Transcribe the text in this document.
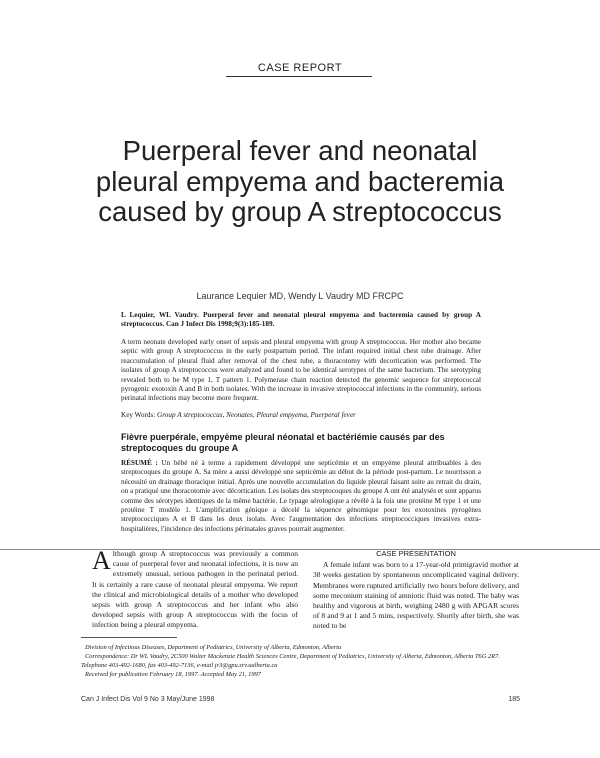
CASE REPORT
Puerperal fever and neonatal pleural empyema and bacteremia caused by group A streptococcus
Laurance Lequier MD, Wendy L Vaudry MD FRCPC
L Lequier, WL Vaudry. Puerperal fever and neonatal pleural empyema and bacteremia caused by group A streptococcus. Can J Infect Dis 1998;9(3):185-189.
A term neonate developed early onset of sepsis and pleural empyema with group A streptococcus. Her mother also became septic with group A streptococcus in the early postpartum period. The infant required initial chest tube drainage. After reaccumulation of pleural fluid after removal of the chest tube, a thoracotomy with decortication was performed. The isolates of group A streptococcus were analyzed and found to be identical serotypes of the same bacterium. The serotyping revealed both to be M type 1, T pattern 1. Polymerase chain reaction detected the genomic sequence for streptococcal pyrogenic exotoxin A and B in both isolates. With the increase in invasive streptococcal infections in the community, serious perinatal infections may become more frequent.
Key Words: Group A streptococcus, Neonates, Pleural empyema, Puerperal fever
Fièvre puerpérale, empyème pleural néonatal et bactériémie causés par des streptocoques du groupe A
RÉSUMÉ : Un bébé né à terme a rapidement développé une septicémie et un empyème pleural attribuables à des streptocoques du groupe A. Sa mère a aussi développé une septicémie au début de la période post-partum. Le nourrisson a nécessité un drainage thoracique initial. Après une nouvelle accumulation du liquide pleural faisant suite au retrait du drain, on a pratiqué une thoracotomie avec décortication. Les isolats des streptocoques du groupe A ont été analysés et sont apparus comme des sérotypes identiques de la même bactérie. Le typage sérologique a révélé à la fois une protéine M type 1 et une protéine T modèle 1. L'amplification génique a décelé la séquence génomique pour les exotoxines pyrogènes streptococciques A et B dans les deux isolats. Avec l'augmentation des infections streptococciques invasives extra-hospitalières, l'incidence des infections périnatales graves pourrait augmenter.
Although group A streptococcus was previously a common cause of puerperal fever and neonatal infections, it is now an extremely unusual, serious pathogen in the perinatal period. It is certainly a rare cause of neonatal pleural empyema. We report the clinical and microbiological details of a mother who developed sepsis with group A streptococcus and her infant who also developed sepsis with group A streptococcus with the focus of infection being a pleural empyema.
CASE PRESENTATION
A female infant was born to a 17-year-old primigravid mother at 38 weeks gestation by spontaneous uncomplicated vaginal delivery. Membranes were ruptured artificially two hours before delivery, and some meconium staining of amniotic fluid was noted. The baby was healthy and vigorous at birth, weighing 2480 g with APGAR scores of 8 and 9 at 1 and 5 mins, respectively. Shortly after birth, she was noted to be
Division of Infectious Diseases, Department of Pediatrics, University of Alberta, Edmonton, Alberta
Correspondence: Dr WL Vaudry, 2C500 Walter Mackenzie Health Sciences Centre, Department of Pediatrics, University of Alberta, Edmonton, Alberta T6G 2R7. Telephone 403-492-1680, fax 403-492-7136, e-mail jr3@gpu.srv.ualberta.ca
Received for publication February 18, 1997. Accepted May 21, 1997
Can J Infect Dis Vol 9 No 3 May/June 1998	185
